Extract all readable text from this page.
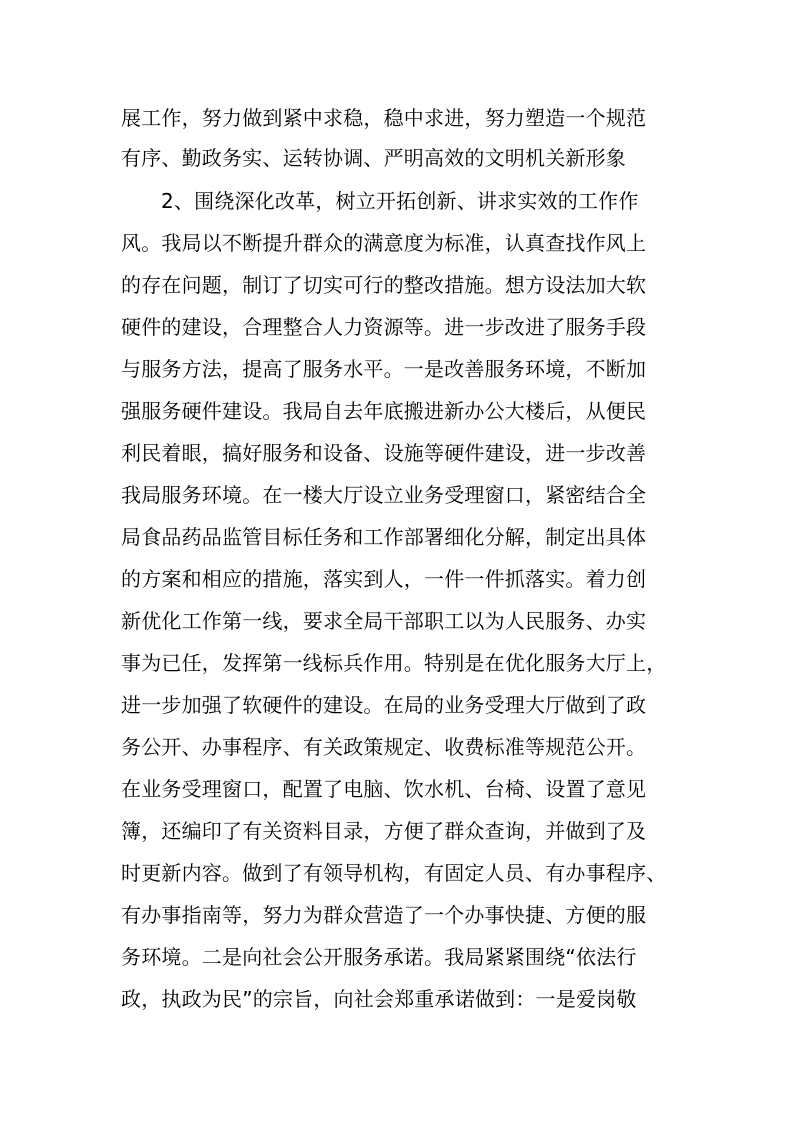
展工作，努力做到紧中求稳，稳中求进，努力塑造一个规范
有序、勤政务实、运转协调、严明高效的文明机关新形象
2、围绕深化改革，树立开拓创新、讲求实效的工作作
风。我局以不断提升群众的满意度为标准，认真查找作风上
的存在问题，制订了切实可行的整改措施。想方设法加大软
硬件的建设，合理整合人力资源等。进一步改进了服务手段
与服务方法，提高了服务水平。一是改善服务环境，不断加
强服务硬件建设。我局自去年底搬进新办公大楼后，从便民
利民着眼，搞好服务和设备、设施等硬件建设，进一步改善
我局服务环境。在一楼大厅设立业务受理窗口，紧密结合全
局食品药品监管目标任务和工作部署细化分解，制定出具体
的方案和相应的措施，落实到人，一件一件抓落实。着力创
新优化工作第一线，要求全局干部职工以为人民服务、办实
事为已任，发挥第一线标兵作用。特别是在优化服务大厅上，
进一步加强了软硬件的建设。在局的业务受理大厅做到了政
务公开、办事程序、有关政策规定、收费标准等规范公开。
在业务受理窗口，配置了电脑、饮水机、台椅、设置了意见
簿，还编印了有关资料目录，方便了群众查询，并做到了及
时更新内容。做到了有领导机构，有固定人员、有办事程序、
有办事指南等，努力为群众营造了一个办事快捷、方便的服
务环境。二是向社会公开服务承诺。我局紧紧围绕“依法行
政，执政为民”的宗旨，向社会郑重承诺做到：一是爱岗敬
